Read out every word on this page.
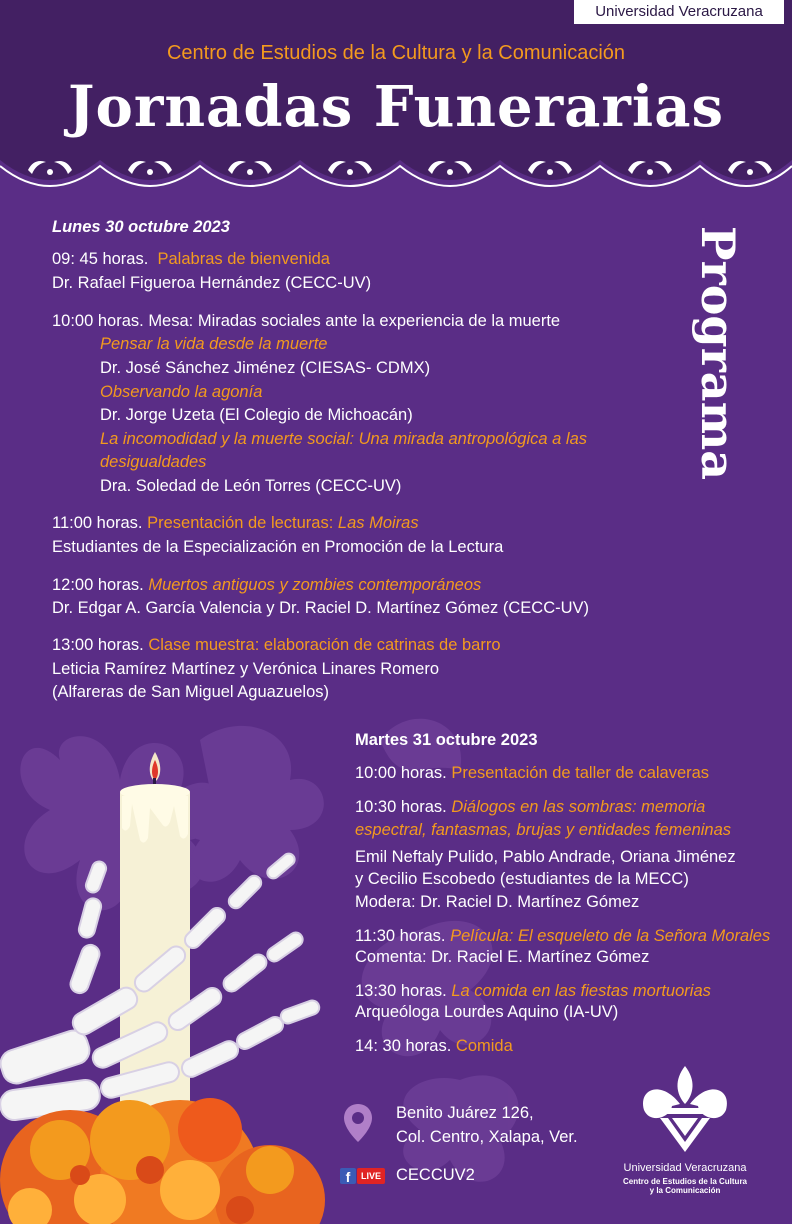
Universidad Veracruzana
Centro de Estudios de la Cultura y la Comunicación
Jornadas Funerarias
Programa
Lunes 30 octubre 2023
09: 45 horas. Palabras de bienvenida
Dr. Rafael Figueroa Hernández (CECC-UV)
10:00 horas. Mesa: Miradas sociales ante la experiencia de la muerte
Pensar la vida desde la muerte
Dr. José Sánchez Jiménez (CIESAS- CDMX)
Observando la agonía
Dr. Jorge Uzeta (El Colegio de Michoacán)
La incomodidad y la muerte social: Una mirada antropológica a las
desigualdades
Dra. Soledad de León Torres (CECC-UV)
11:00 horas. Presentación de lecturas: Las Moiras
Estudiantes de la Especialización en Promoción de la Lectura
12:00 horas. Muertos antiguos y zombies contemporáneos
Dr. Edgar A. García Valencia y Dr. Raciel D. Martínez Gómez (CECC-UV)
13:00 horas. Clase muestra: elaboración de catrinas de barro
Leticia Ramírez Martínez y Verónica Linares Romero
(Alfareras de San Miguel Aguazuelos)
Martes 31 octubre 2023
10:00 horas. Presentación de taller de calaveras
10:30 horas. Diálogos en las sombras: memoria
espectral, fantasmas, brujas y entidades femeninas
Emil Neftaly Pulido, Pablo Andrade, Oriana Jiménez
y Cecilio Escobedo (estudiantes de la MECC)
Modera: Dr. Raciel D. Martínez Gómez
11:30 horas. Película: El esqueleto de la Señora Morales
Comenta: Dr. Raciel E. Martínez Gómez
13:30 horas. La comida en las fiestas mortuorias
Arqueóloga Lourdes Aquino (IA-UV)
14: 30 horas. Comida
Benito Juárez 126,
Col. Centro, Xalapa, Ver.
f	LIVE CECCUV2	Universidad Veracruzana
Centro de Estudios de la Cultura
y la Comunicación
